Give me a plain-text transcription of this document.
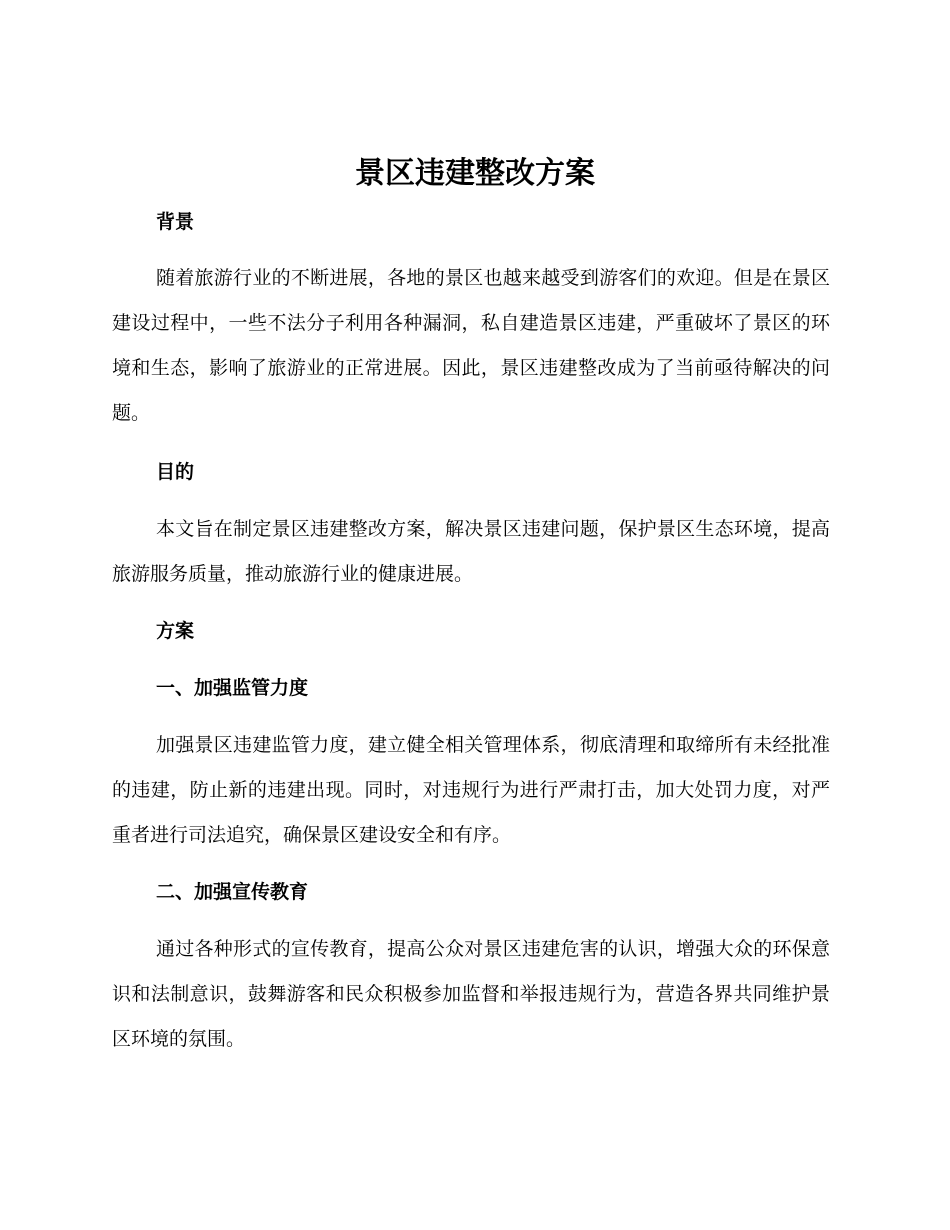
景区违建整改方案
背景

随着旅游行业的不断进展，各地的景区也越来越受到游客们的欢迎。但是在景区建设过程中，一些不法分子利用各种漏洞，私自建造景区违建，严重破坏了景区的环境和生态，影响了旅游业的正常进展。因此，景区违建整改成为了当前亟待解决的问题。

目的

本文旨在制定景区违建整改方案，解决景区违建问题，保护景区生态环境，提高旅游服务质量，推动旅游行业的健康进展。

方案
一、加强监管力度

加强景区违建监管力度，建立健全相关管理体系，彻底清理和取缔所有未经批准的违建，防止新的违建出现。同时，对违规行为进行严肃打击，加大处罚力度，对严重者进行司法追究，确保景区建设安全和有序。

二、加强宣传教育

通过各种形式的宣传教育，提高公众对景区违建危害的认识，增强大众的环保意识和法制意识，鼓舞游客和民众积极参加监督和举报违规行为，营造各界共同维护景区环境的氛围。
